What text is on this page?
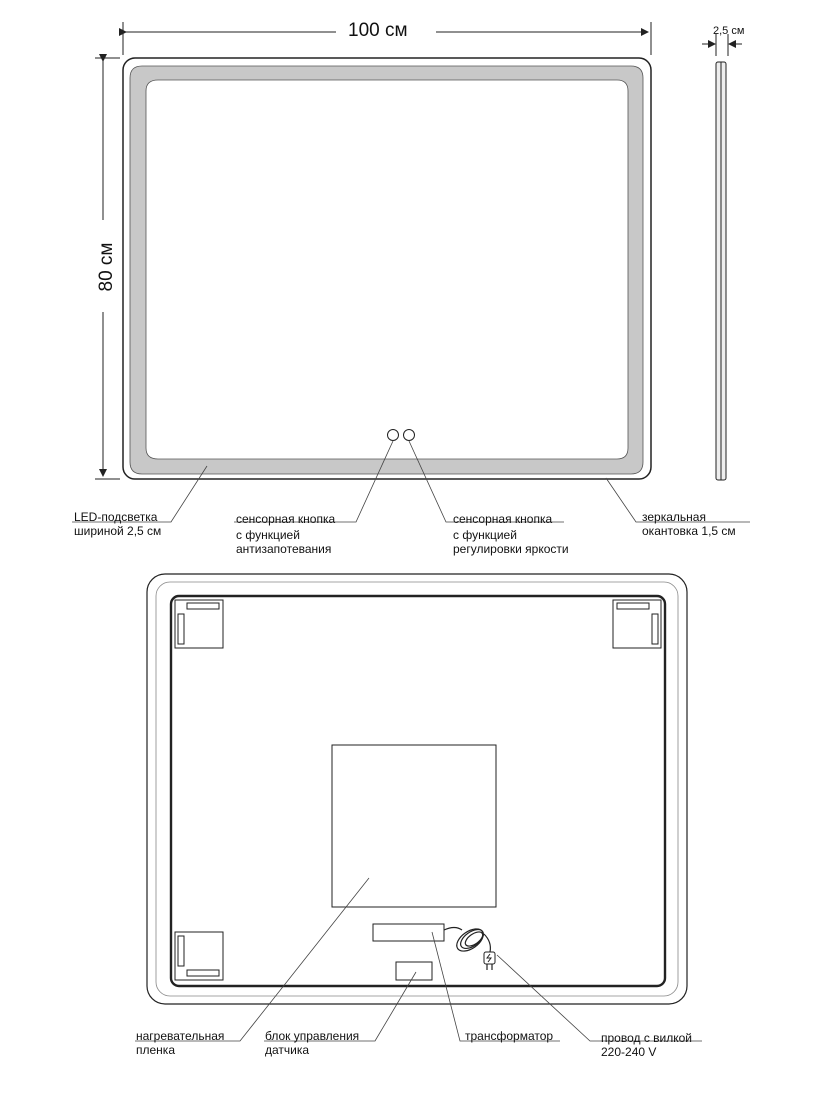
100 см
80 см
2,5 см
LED-подсветка
шириной 2,5 см
сенсорная кнопка
с функцией
антизапотевания
сенсорная кнопка
с функцией
регулировки яркости
зеркальная
окантовка 1,5 см
нагревательная
пленка
блок управления
датчика
трансформатор	провод с вилкой
220-240 V
